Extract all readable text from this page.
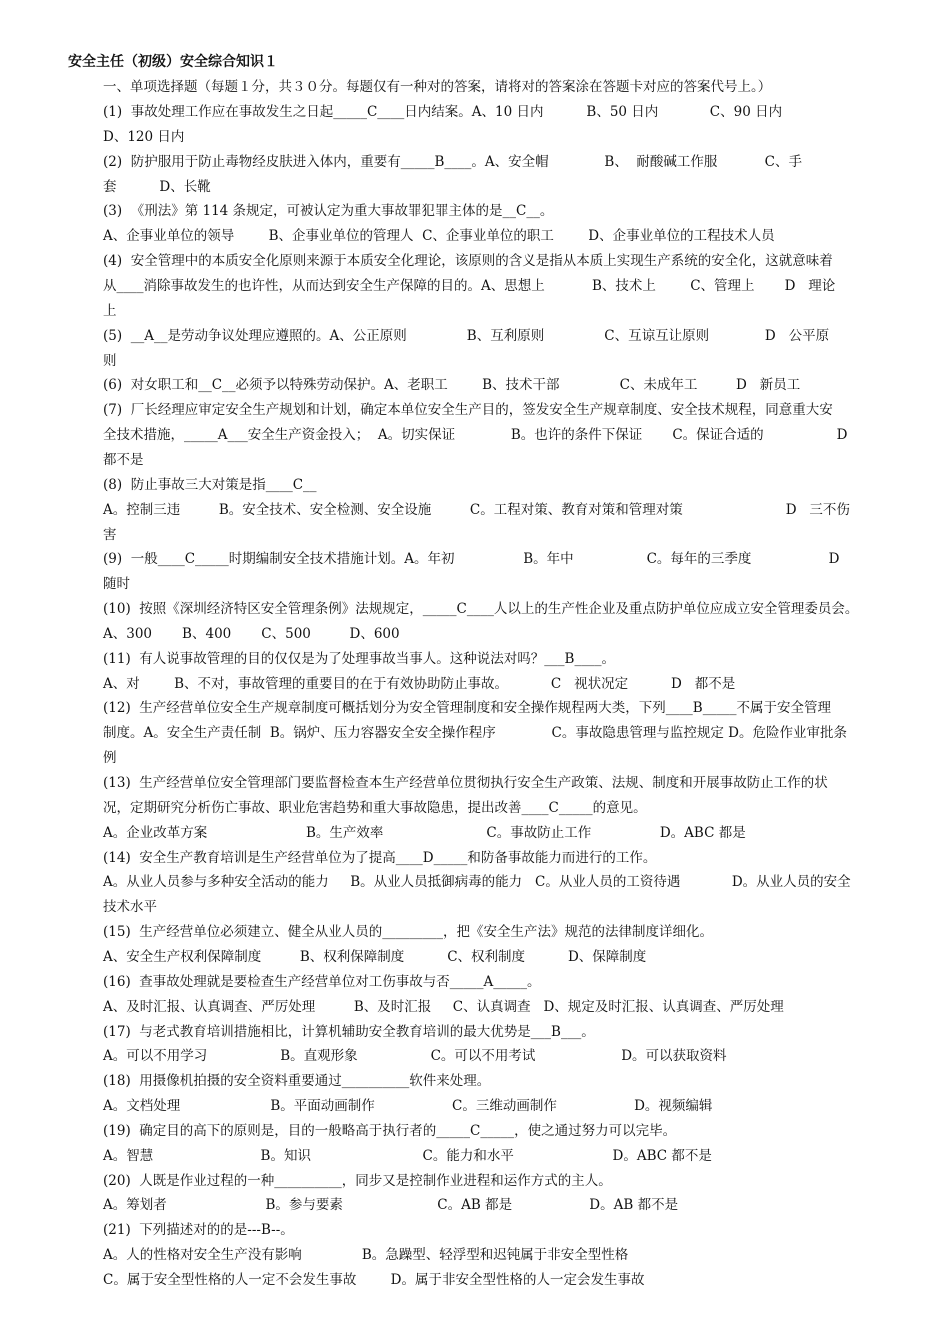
安全主任（初级）安全综合知识１
一、单项选择题（每题１分，共３０分。每题仅有一种对的答案，请将对的答案涂在答题卡对应的答案代号上。）
(1)  事故处理工作应在事故发生之日起_____C____日内结案。A、10 日内          B、50 日内            C、90 日内
D、120 日内
(2)  防护服用于防止毒物经皮肤进入体内，重要有_____B____。A、安全帽             B、  耐酸碱工作服           C、手
套          D、长靴
(3)  《刑法》第 114 条规定，可被认定为重大事故罪犯罪主体的是__C__。
A、企事业单位的领导        B、企事业单位的管理人  C、企事业单位的职工        D、企事业单位的工程技术人员
(4)  安全管理中的本质安全化原则来源于本质安全化理论，该原则的含义是指从本质上实现生产系统的安全化，这就意味着
从____消除事故发生的也许性，从而达到安全生产保障的目的。A、思想上           B、技术上        C、管理上       D   理论
上
(5)  __A__是劳动争议处理应遵照的。A、公正原则              B、互利原则              C、互谅互让原则             D   公平原
则
(6)  对女职工和__C__必须予以特殊劳动保护。A、老职工        B、技术干部              C、未成年工         D   新员工
(7)  厂长经理应审定安全生产规划和计划，确定本单位安全生产目的，签发安全生产规章制度、安全技术规程，同意重大安
全技术措施，_____A___安全生产资金投入；  A。切实保证             B。也许的条件下保证       C。保证合适的                 D
都不是
(8)  防止事故三大对策是指____C__
A。控制三违         B。安全技术、安全检测、安全设施         C。工程对策、教育对策和管理对策                        D   三不伤
害
(9)  一般____C_____时期编制安全技术措施计划。A。年初                B。年中                 C。每年的三季度                  D
随时
(10)  按照《深圳经济特区安全管理条例》法规规定，_____C____人以上的生产性企业及重点防护单位应成立安全管理委员会。
A、300       B、400       C、500         D、600
(11)  有人说事故管理的目的仅仅是为了处理事故当事人。这种说法对吗？___B____。
A、对        B、不对，事故管理的重要目的在于有效协助防止事故。          C   视状况定          D   都不是
(12)  生产经营单位安全生产规章制度可概括划分为安全管理制度和安全操作规程两大类，下列____B_____不属于安全管理
制度。A。安全生产责任制  B。锅炉、压力容器安全安全操作程序             C。事故隐患管理与监控规定 D。危险作业审批条
例
(13)  生产经营单位安全管理部门要监督检查本生产经营单位贯彻执行安全生产政策、法规、制度和开展事故防止工作的状
况，定期研究分析伤亡事故、职业危害趋势和重大事故隐患，提出改善____C_____的意见。
A。企业改革方案                       B。生产效率                        C。事故防止工作                D。ABC 都是
(14)  安全生产教育培训是生产经营单位为了提高____D_____和防备事故能力而进行的工作。
A。从业人员参与多种安全活动的能力     B。从业人员抵御病毒的能力   C。从业人员的工资待遇            D。从业人员的安全
技术水平
(15)  生产经营单位必须建立、健全从业人员的_________，把《安全生产法》规范的法律制度详细化。
A、安全生产权利保障制度         B、权利保障制度          C、权利制度          D、保障制度
(16)  查事故处理就是要检查生产经营单位对工伤事故与否_____A_____。
A、及时汇报、认真调查、严厉处理         B、及时汇报     C、认真调查   D、规定及时汇报、认真调查、严厉处理
(17)  与老式教育培训措施相比，计算机辅助安全教育培训的最大优势是___B___。
A。可以不用学习                 B。直观形象                 C。可以不用考试                    D。可以获取资料
(18)  用摄像机拍摄的安全资料重要通过__________软件来处理。
A。文档处理                     B。平面动画制作                  C。三维动画制作                  D。视频编辑
(19)  确定目的高下的原则是，目的一般略高于执行者的_____C_____，使之通过努力可以完毕。
A。智慧                         B。知识                          C。能力和水平                       D。ABC 都不是
(20)  人既是作业过程的一种__________，同步又是控制作业进程和运作方式的主人。
A。筹划者                       B。参与要素                      C。AB 都是                  D。AB 都不是
(21)  下列描述对的的是---B--。
A。人的性格对安全生产没有影响              B。急躁型、轻浮型和迟钝属于非安全型性格
C。属于安全型性格的人一定不会发生事故        D。属于非安全型性格的人一定会发生事故
